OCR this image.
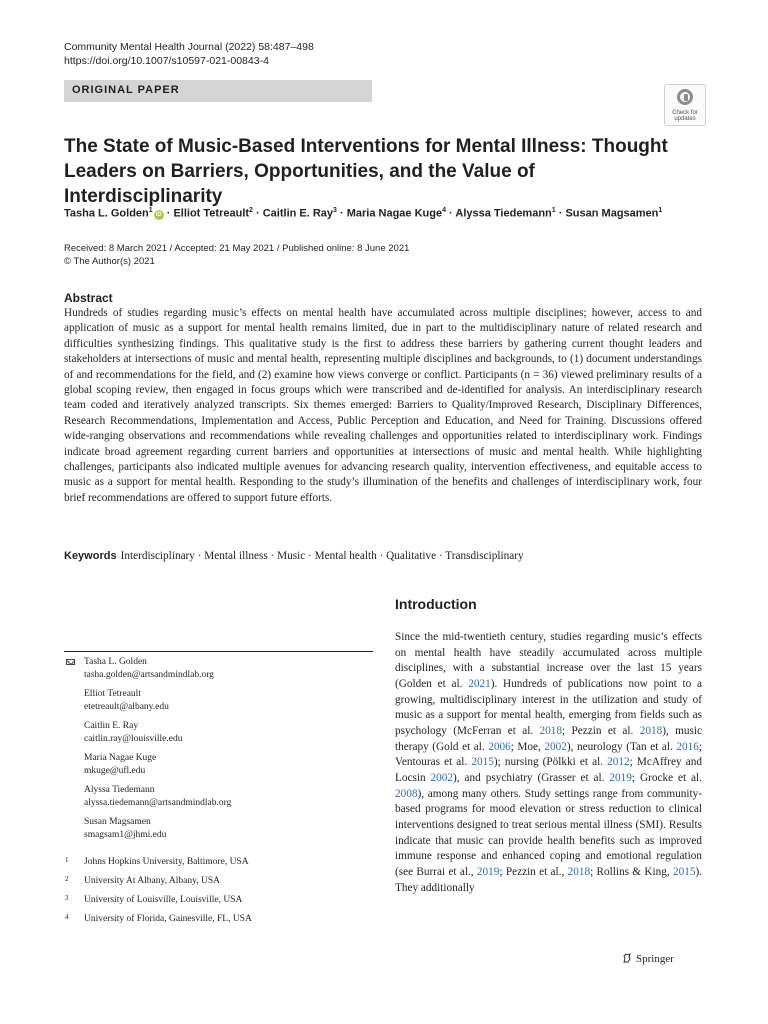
Community Mental Health Journal (2022) 58:487–498
https://doi.org/10.1007/s10597-021-00843-4
ORIGINAL PAPER
Check for
updates
The State of Music-Based Interventions for Mental Illness: Thought Leaders on Barriers, Opportunities, and the Value of Interdisciplinarity
Tasha L. Golden$^1$iD · Elliot Tetreault$^2$ · Caitlin E. Ray$^3$ · Maria Nagae Kuge$^4$ · Alyssa Tiedemann$^1$ · Susan Magsamen$^1$
Received: 8 March 2021 / Accepted: 21 May 2021 / Published online: 8 June 2021
© The Author(s) 2021
Abstract
Hundreds of studies regarding music’s effects on mental health have accumulated across multiple disciplines; however, access to and application of music as a support for mental health remains limited, due in part to the multidisciplinary nature of related research and difficulties synthesizing findings. This qualitative study is the first to address these barriers by gathering current thought leaders and stakeholders at intersections of music and mental health, representing multiple disciplines and backgrounds, to (1) document understandings of and recommendations for the field, and (2) examine how views converge or conflict. Participants (n = 36) viewed preliminary results of a global scoping review, then engaged in focus groups which were transcribed and de-identified for analysis. An interdisciplinary research team coded and iteratively analyzed transcripts. Six themes emerged: Barriers to Quality/Improved Research, Disciplinary Differences, Research Recommendations, Implementation and Access, Public Perception and Education, and Need for Training. Discussions offered wide-ranging observations and recommendations while revealing challenges and opportunities related to interdisciplinary work. Findings indicate broad agreement regarding current barriers and opportunities at intersections of music and mental health. While highlighting challenges, participants also indicated multiple avenues for advancing research quality, intervention effectiveness, and equitable access to music as a support for mental health. Responding to the study’s illumination of the benefits and challenges of interdisciplinary work, four brief recommendations are offered to support future efforts.
Keywords Interdisciplinary · Mental illness · Music · Mental health · Qualitative · Transdisciplinary
Introduction
Since the mid-twentieth century, studies regarding music’s effects on mental health have steadily accumulated across multiple disciplines, with a substantial increase over the last 15 years (Golden et al. 2021). Hundreds of publications now point to a growing, multidisciplinary interest in the utilization and study of music as a support for mental health, emerging from fields such as psychology (McFerran et al. 2018; Pezzin et al. 2018), music therapy (Gold et al. 2006; Moe, 2002), neurology (Tan et al. 2016; Ventouras et al. 2015); nursing (Pölkki et al. 2012; McAffrey and Locsin 2002), and psychiatry (Grasser et al. 2019; Grocke et al. 2008), among many others. Study settings range from community-based programs for mood elevation or stress reduction to clinical interventions designed to treat serious mental illness (SMI). Results indicate that music can provide health benefits such as improved immune response and enhanced coping and emotional regulation (see Burrai et al., 2019; Pezzin et al., 2018; Rollins & King, 2015). They additionally
Tasha L. Golden
tasha.golden@artsandmindlab.org
Elliot Tetreault
etetreault@albany.edu
Caitlin E. Ray
caitlin.ray@louisville.edu
Maria Nagae Kuge
mkuge@ufl.edu
Alyssa Tiedemann
alyssa.tiedemann@artsandmindlab.org
Susan Magsamen
smagsam1@jhmi.edu
1 Johns Hopkins University, Baltimore, USA
2 University At Albany, Albany, USA
3 University of Louisville, Louisville, USA
4 University of Florida, Gainesville, FL, USA
Springer
